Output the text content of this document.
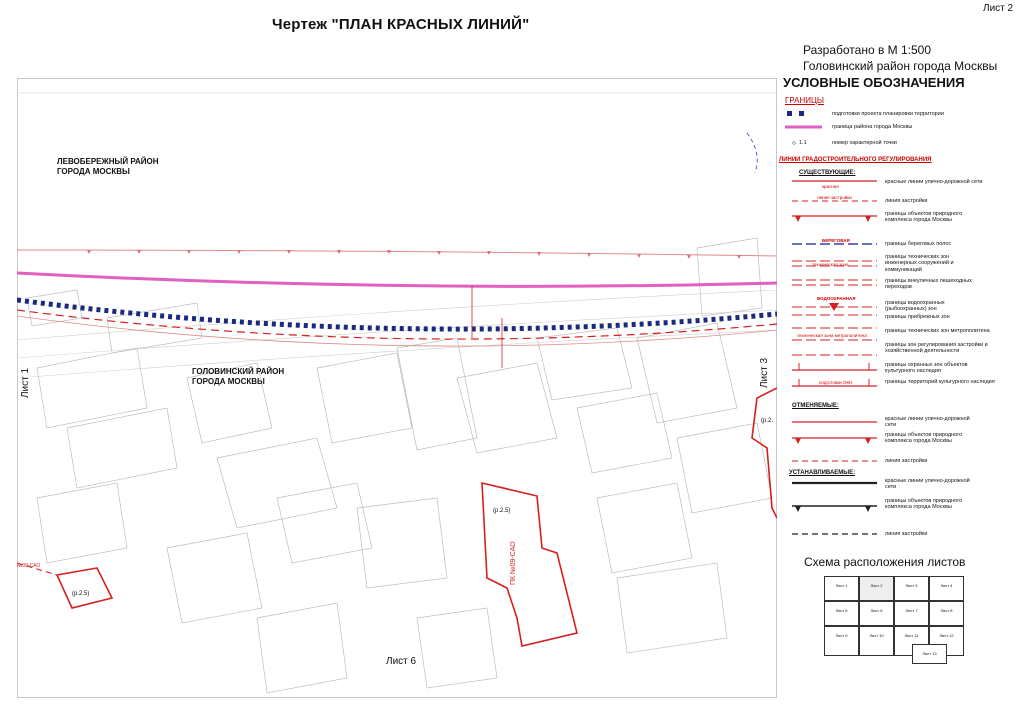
Чертеж "ПЛАН КРАСНЫХ ЛИНИЙ"
Лист 2
Разработано в М 1:500
Головинский район города Москвы
ЛЕВОБЕРЕЖНЫЙ РАЙОН
ГОРОДА МОСКВЫ
ГОЛОВИНСКИЙ РАЙОН
ГОРОДА МОСКВЫ
Лист 1	Лист 3
Лист 6
(р.2.5)
(р.2.5)
(р.2.
ПК №09-САО
№09-САО
УСЛОВНЫЕ ОБОЗНАЧЕНИЯ
ГРАНИЦЫ
подготовки проекта планировки территории
граница района города Москвы
1.1	номер характерной точки
ЛИНИИ ГРАДОСТРОИТЕЛЬНОГО РЕГУЛИРОВАНИЯ
СУЩЕСТВУЮЩИЕ:
красная
линия застройки
БЕРЕГОВАЯ
техническая зона
ВОДООХРАННАЯ
техническая зона метрополитена
подготовки ОКН
красные линии улично-дорожной сети
линия застройки
границы объектов природного комплекса города Москвы
границы береговых полос
границы технических зон инженерных сооружений и коммуникаций
границы внеуличных пешеходных переходов
границы водоохранных (рыбоохранных) зон
границы прибрежных зон
границы технических зон метрополитена
границы зон регулирования застройки и хозяйственной деятельности
границы охранных зон объектов культурного наследия
границы территорий культурного наследия
ОТМЕНЯЕМЫЕ:
красные линии улично-дорожной сети
границы объектов природного комплекса города Москвы
линия застройки
УСТАНАВЛИВАЕМЫЕ:
красные линии улично-дорожной сети
границы объектов природного комплекса города Москвы
линия застройки
Схема расположения листов
Лист 1	Лист 2	Лист 3	Лист 4
Лист 5	Лист 6	Лист 7	Лист 8
Лист 9	Лист 10	Лист 11	Лист 12
Лист 13
